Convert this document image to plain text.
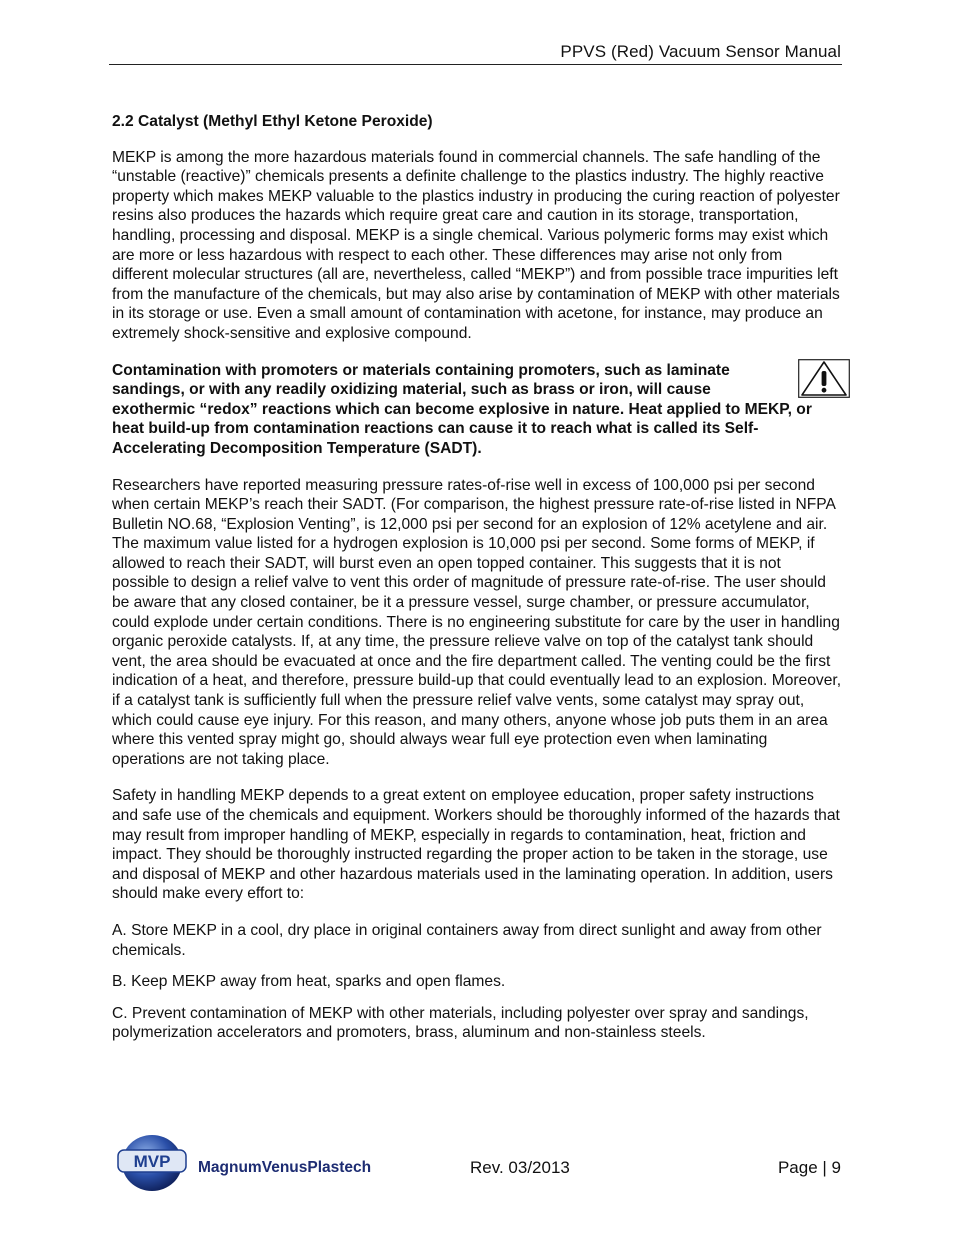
PPVS (Red) Vacuum Sensor Manual

2.2 Catalyst (Methyl Ethyl Ketone Peroxide)

MEKP is among the more hazardous materials found in commercial channels. The safe handling of the “unstable (reactive)” chemicals presents a definite challenge to the plastics industry. The highly reactive property which makes MEKP valuable to the plastics industry in producing the curing reaction of polyester resins also produces the hazards which require great care and caution in its storage, transportation, handling, processing and disposal. MEKP is a single chemical. Various polymeric forms may exist which are more or less hazardous with respect to each other. These differences may arise not only from different molecular structures (all are, nevertheless, called “MEKP”) and from possible trace impurities left from the manufacture of the chemicals, but may also arise by contamination of MEKP with other materials in its storage or use. Even a small amount of contamination with acetone, for instance, may produce an extremely shock-sensitive and explosive compound.

Contamination with promoters or materials containing promoters, such as laminate sandings, or with any readily oxidizing material, such as brass or iron, will cause exothermic “redox” reactions which can become explosive in nature. Heat applied to MEKP, or heat build-up from contamination reactions can cause it to reach what is called its Self-Accelerating Decomposition Temperature (SADT).

Researchers have reported measuring pressure rates-of-rise well in excess of 100,000 psi per second when certain MEKP’s reach their SADT. (For comparison, the highest pressure rate-of-rise listed in NFPA Bulletin NO.68, “Explosion Venting”, is 12,000 psi per second for an explosion of 12% acetylene and air. The maximum value listed for a hydrogen explosion is 10,000 psi per second. Some forms of MEKP, if allowed to reach their SADT, will burst even an open topped container. This suggests that it is not possible to design a relief valve to vent this order of magnitude of pressure rate-of-rise. The user should be aware that any closed container, be it a pressure vessel, surge chamber, or pressure accumulator, could explode under certain conditions. There is no engineering substitute for care by the user in handling organic peroxide catalysts. If, at any time, the pressure relieve valve on top of the catalyst tank should vent, the area should be evacuated at once and the fire department called. The venting could be the first indication of a heat, and therefore, pressure build-up that could eventually lead to an explosion. Moreover, if a catalyst tank is sufficiently full when the pressure relief valve vents, some catalyst may spray out, which could cause eye injury. For this reason, and many others, anyone whose job puts them in an area where this vented spray might go, should always wear full eye protection even when laminating operations are not taking place.

Safety in handling MEKP depends to a great extent on employee education, proper safety instructions and safe use of the chemicals and equipment. Workers should be thoroughly informed of the hazards that may result from improper handling of MEKP, especially in regards to contamination, heat, friction and impact. They should be thoroughly instructed regarding the proper action to be taken in the storage, use and disposal of MEKP and other hazardous materials used in the laminating operation. In addition, users should make every effort to:

A. Store MEKP in a cool, dry place in original containers away from direct sunlight and away from other chemicals.

B. Keep MEKP away from heat, sparks and open flames.

C. Prevent contamination of MEKP with other materials, including polyester over spray and sandings, polymerization accelerators and promoters, brass, aluminum and non-stainless steels.

MVP MagnumVenusPlastech	Rev. 03/2013	Page | 9
